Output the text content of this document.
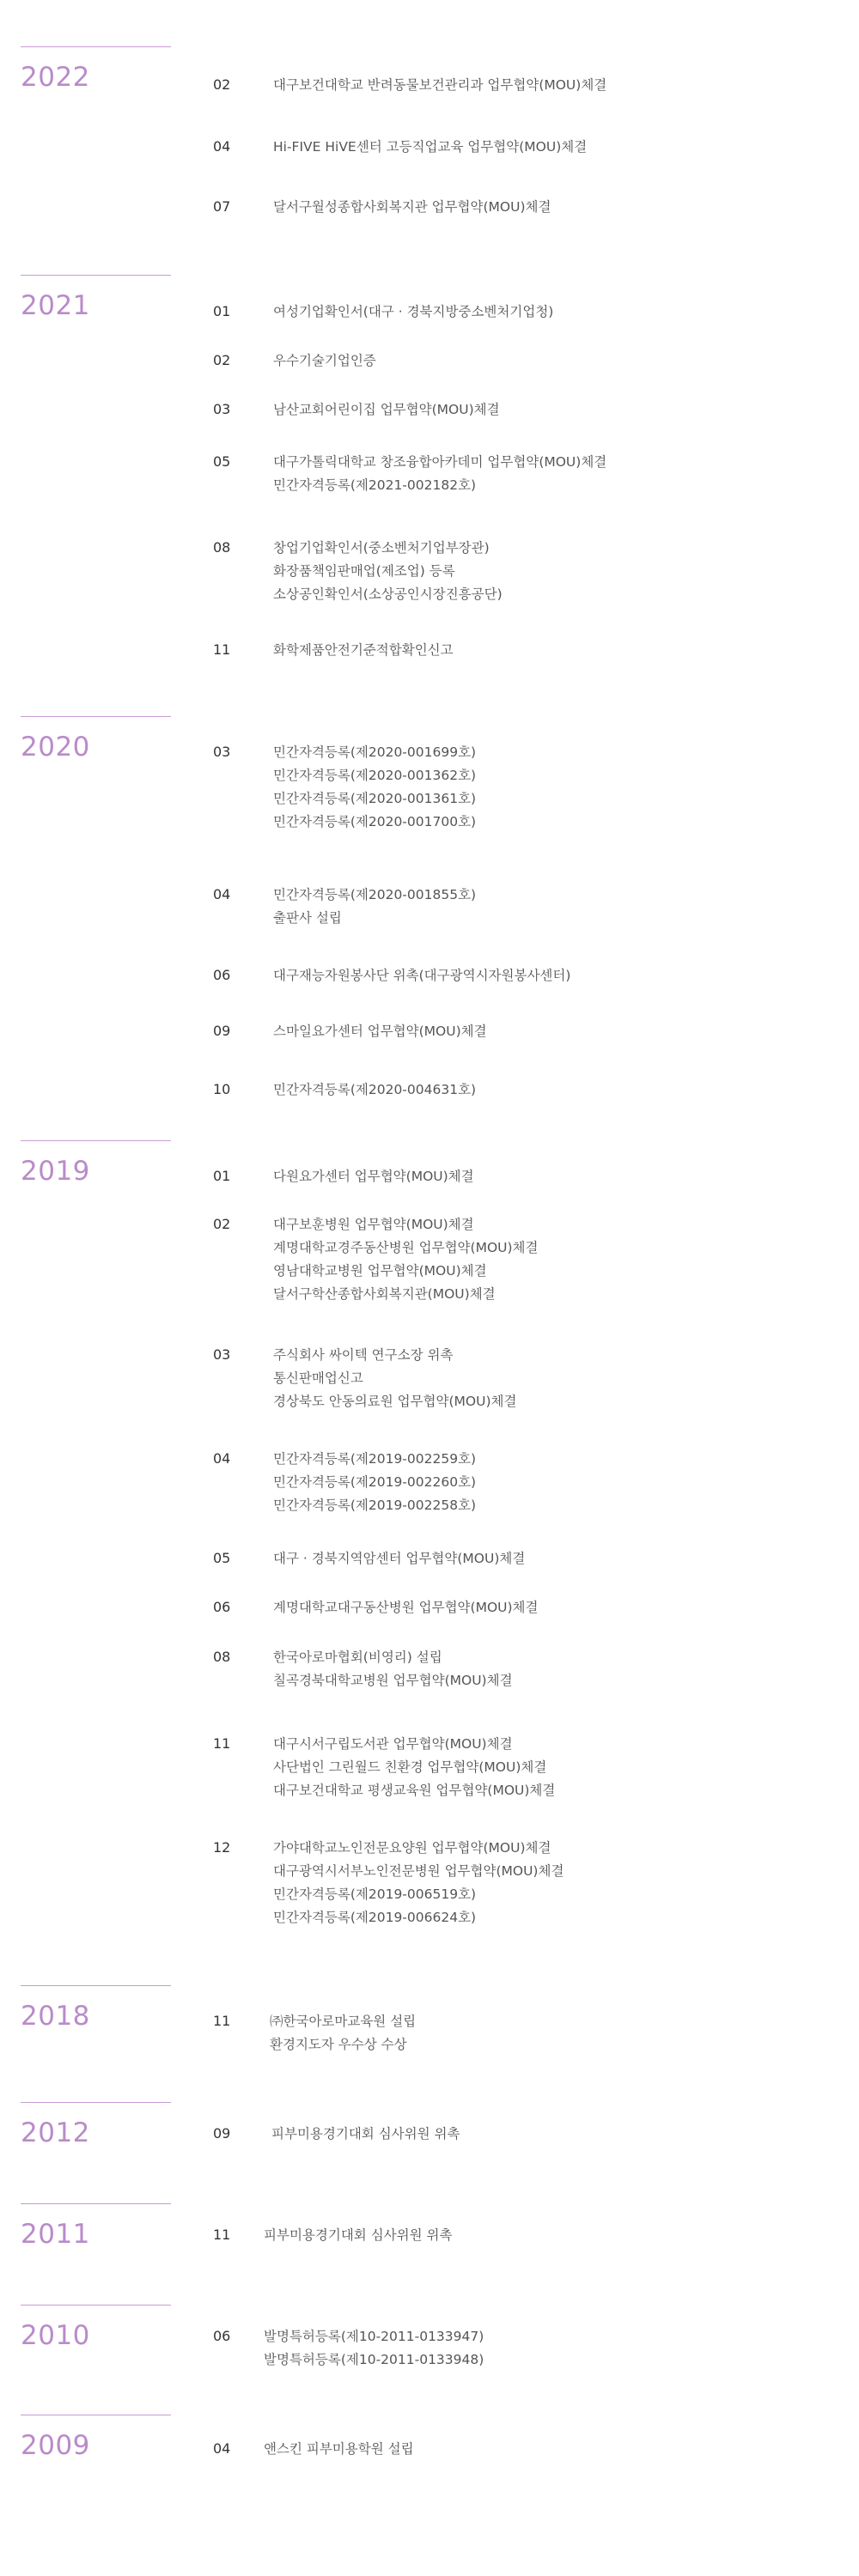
2022	02	대구보건대학교 반려동물보건관리과 업무협약(MOU)체결
04	Hi-FIVE HiVE센터 고등직업교육 업무협약(MOU)체결
07	달서구월성종합사회복지관 업무협약(MOU)체결
2021	01	여성기업확인서(대구 · 경북지방중소벤처기업청)
02	우수기술기업인증
03	남산교회어린이집 업무협약(MOU)체결
05	대구가톨릭대학교 창조융합아카데미 업무협약(MOU)체결
민간자격등록(제2021-002182호)
08	창업기업확인서(중소벤처기업부장관)
화장품책임판매업(제조업) 등록
소상공인확인서(소상공인시장진흥공단)
11	화학제품안전기준적합확인신고
2020	03	민간자격등록(제2020-001699호)
민간자격등록(제2020-001362호)
민간자격등록(제2020-001361호)
민간자격등록(제2020-001700호)
04	민간자격등록(제2020-001855호)
출판사 설립
06	대구재능자원봉사단 위촉(대구광역시자원봉사센터)
09	스마일요가센터 업무협약(MOU)체결
10	민간자격등록(제2020-004631호)
2019	01	다원요가센터 업무협약(MOU)체결
02	대구보훈병원 업무협약(MOU)체결
계명대학교경주동산병원 업무협약(MOU)체결
영남대학교병원 업무협약(MOU)체결
달서구학산종합사회복지관(MOU)체결
03	주식회사 싸이텍 연구소장 위촉
통신판매업신고
경상북도 안동의료원 업무협약(MOU)체결
04	민간자격등록(제2019-002259호)
민간자격등록(제2019-002260호)
민간자격등록(제2019-002258호)
05	대구 · 경북지역암센터 업무협약(MOU)체결
06	계명대학교대구동산병원 업무협약(MOU)체결
08	한국아로마협회(비영리) 설립
칠곡경북대학교병원 업무협약(MOU)체결
11	대구시서구립도서관 업무협약(MOU)체결
사단법인 그린월드 친환경 업무협약(MOU)체결
대구보건대학교 평생교육원 업무협약(MOU)체결
12	가야대학교노인전문요양원 업무협약(MOU)체결
대구광역시서부노인전문병원 업무협약(MOU)체결
민간자격등록(제2019-006519호)
민간자격등록(제2019-006624호)
2018	11	㈜한국아로마교육원 설립
환경지도자 우수상 수상
2012	09	피부미용경기대회 심사위원 위촉
2011	11 피부미용경기대회 심사위원 위촉
2010	06 발명특허등록(제10-2011-0133947)
발명특허등록(제10-2011-0133948)
2009	04 앤스킨 피부미용학원 설립
